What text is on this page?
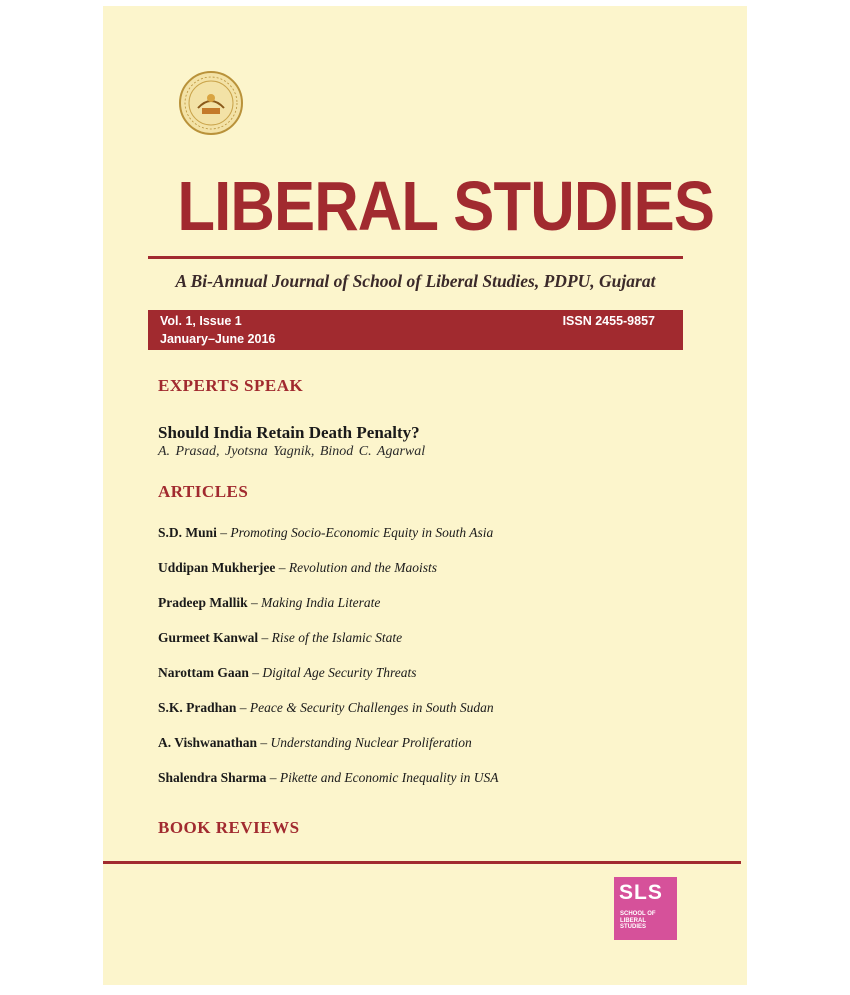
LIBERAL STUDIES
A Bi-Annual Journal of School of Liberal Studies, PDPU, Gujarat
Vol. 1, Issue 1
January–June 2016
ISSN 2455-9857
EXPERTS SPEAK
Should India Retain Death Penalty?
A. Prasad, Jyotsna Yagnik, Binod C. Agarwal
ARTICLES
S.D. Muni – Promoting Socio-Economic Equity in South Asia
Uddipan Mukherjee – Revolution and the Maoists
Pradeep Mallik – Making India Literate
Gurmeet Kanwal – Rise of the Islamic State
Narottam Gaan – Digital Age Security Threats
S.K. Pradhan – Peace & Security Challenges in South Sudan
A. Vishwanathan – Understanding Nuclear Proliferation
Shalendra Sharma – Pikette and Economic Inequality in USA
BOOK REVIEWS
SLS
SCHOOL OF LIBERAL STUDIES
